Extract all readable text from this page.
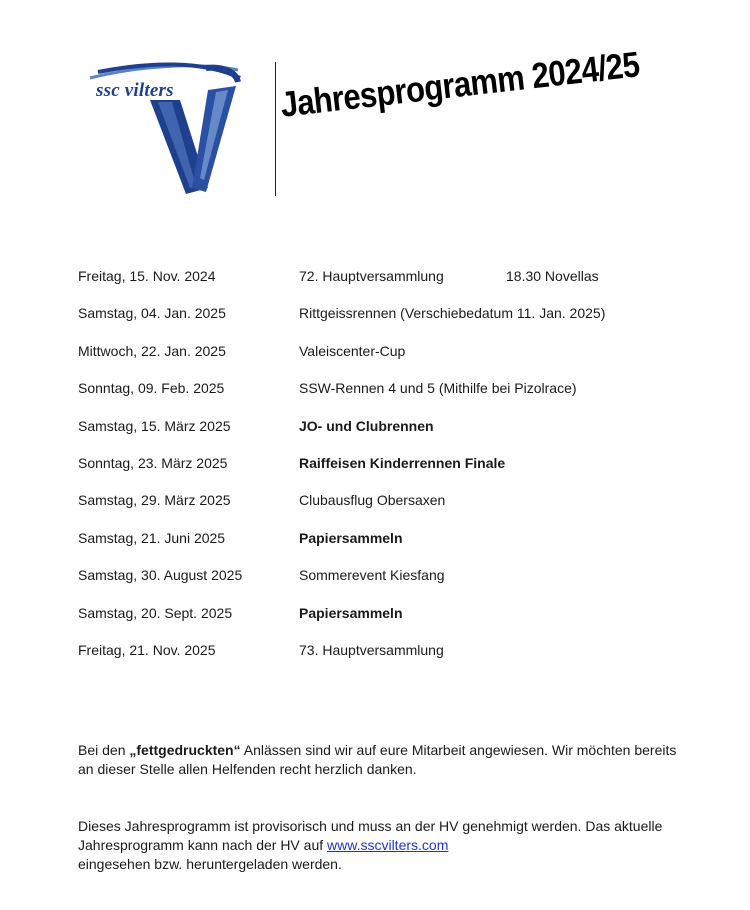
ssc vilters	Jahresprogramm 2024/25
Freitag, 15. Nov. 2024	72. Hauptversammlung	18.30 Novellas
Samstag, 04. Jan. 2025	Rittgeissrennen (Verschiebedatum 11. Jan. 2025)
Mittwoch, 22. Jan. 2025	Valeiscenter-Cup
Sonntag, 09. Feb. 2025	SSW-Rennen 4 und 5 (Mithilfe bei Pizolrace)
Samstag, 15. März 2025	JO- und Clubrennen
Sonntag, 23. März 2025	Raiffeisen Kinderrennen Finale
Samstag, 29. März 2025	Clubausflug Obersaxen
Samstag, 21. Juni 2025	Papiersammeln
Samstag, 30. August 2025	Sommerevent Kiesfang
Samstag, 20. Sept. 2025	Papiersammeln
Freitag, 21. Nov. 2025	73. Hauptversammlung

Bei den „fettgedruckten“ Anlässen sind wir auf eure Mitarbeit angewiesen. Wir möchten bereits an dieser Stelle allen Helfenden recht herzlich danken.

Dieses Jahresprogramm ist provisorisch und muss an der HV genehmigt werden. Das aktuelle
Jahresprogramm kann nach der HV auf www.sscvilters.com
eingesehen bzw. heruntergeladen werden.
